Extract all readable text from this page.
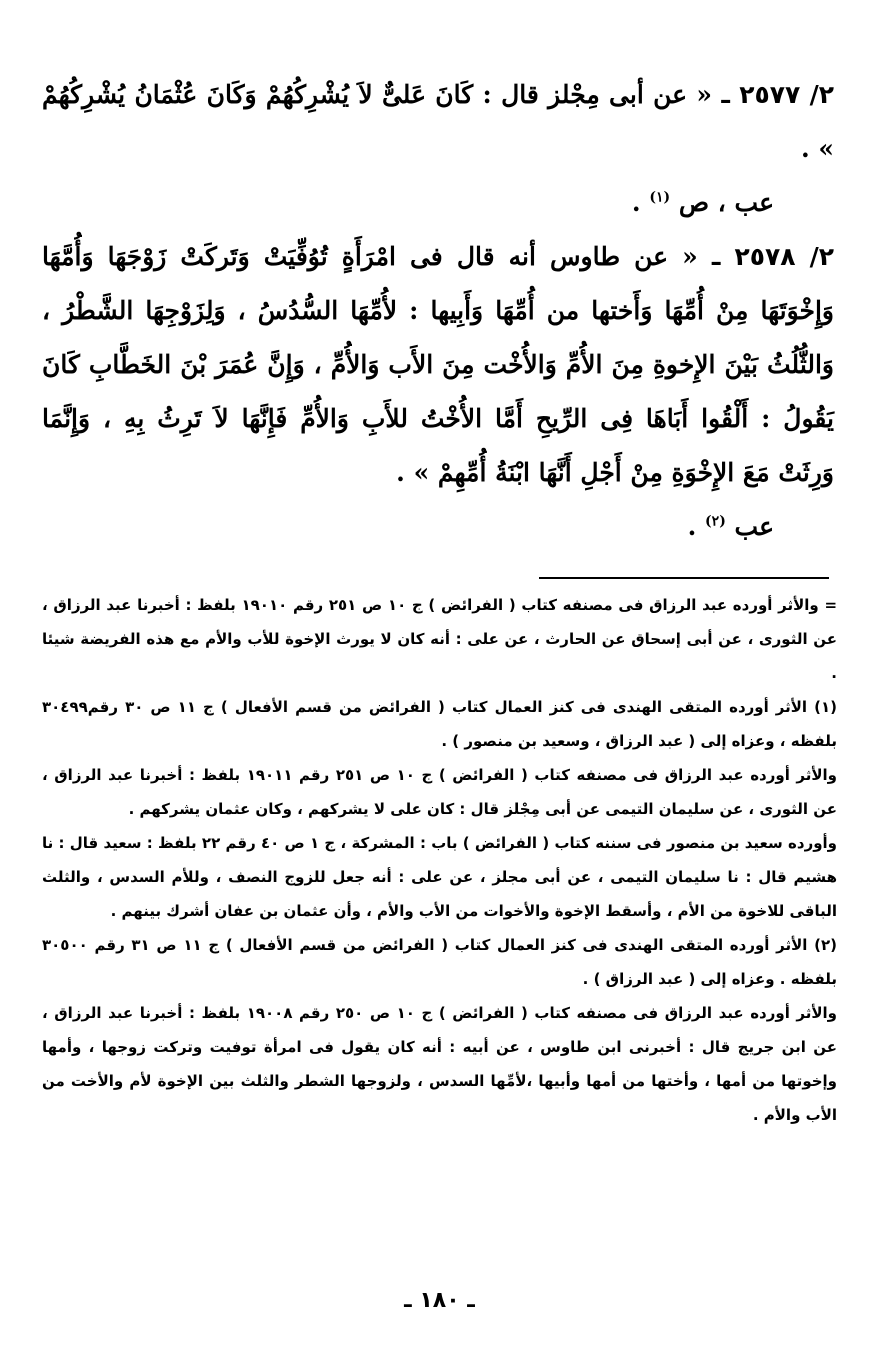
٢/ ٢٥٧٧ ـ « عن أبى مِجْلز قال : كَانَ عَلىٌّ لاَ يُشْرِكُهُمْ وَكَانَ عُثْمَانُ يُشْرِكُهُمْ » .

عب ، ص $^{(١)}$ .

٢/ ٢٥٧٨ ـ « عن طاوس أنه قال فى امْرَأَةٍ تُوُفِّيَتْ وَتَركَتْ زَوْجَهَا وَأُمَّهَا وَإِخْوَتَهَا مِنْ أُمِّهَا وَأَختها من أُمِّهَا وَأَبِيها : لأُمِّهَا السُّدُسُ ، وَلِزَوْجِهَا الشَّطْرُ ، وَالثُّلُثُ بَيْنَ الإِخوةِ مِنَ الأُمِّ وَالأُخْت مِنَ الأَب وَالأُمِّ ، وَإِنَّ عُمَرَ بْنَ الخَطَّابِ كَانَ يَقُولُ : أَلْقُوا أَبَاهَا فِى الرِّيحِ أَمَّا الأُخْتُ للأَبِ وَالأُمِّ فَإِنَّهَا لاَ تَرِثُ بِهِ ، وَإِنَّمَا وَرِثَتْ مَعَ الإِخْوَةِ مِنْ أَجْلِ أَنَّهَا ابْنَةُ أُمِّهِمْ » .

عب $^{(٢)}$ .

= والأثر أورده عبد الرزاق فى مصنفه كتاب ( الفرائض ) ج ١٠ ص ٢٥١ رقم ١٩٠١٠ بلفظ : أخبرنا عبد الرزاق ، عن الثورى ، عن أبى إسحاق عن الحارث ، عن على : أنه كان لا يورث الإخوة للأب والأم مع هذه الفريضة شيئا .

(١) الأثر أورده المتقى الهندى فى كنز العمال كتاب ( الفرائض من قسم الأفعال ) ج ١١ ص ٣٠ رقم٣٠٤٩٩ بلفظه ، وعزاه إلى ( عبد الرزاق ، وسعيد بن منصور ) .

والأثر أورده عبد الرزاق فى مصنفه كتاب ( الفرائض ) ج ١٠ ص ٢٥١ رقم ١٩٠١١ بلفظ : أخبرنا عبد الرزاق ، عن الثورى ، عن سليمان التيمى عن أبى مِجْلز قال : كان على لا يشركهم ، وكان عثمان يشركهم .

وأورده سعيد بن منصور فى سننه كتاب ( الفرائض ) باب : المشركة ، ج ١ ص ٤٠ رقم ٢٢ بلفظ : سعيد قال : نا هشيم قال : نا سليمان التيمى ، عن أبى مجلز ، عن على : أنه جعل للزوج النصف ، وللأم السدس ، والثلث الباقى للاخوة من الأم ، وأسقط الإخوة والأخوات من الأب والأم ، وأن عثمان بن عفان أشرك بينهم .

(٢) الأثر أورده المتقى الهندى فى كنز العمال كتاب ( الفرائض من قسم الأفعال ) ج ١١ ص ٣١ رقم ٣٠٥٠٠ بلفظه . وعزاه إلى ( عبد الرزاق ) .

والأثر أورده عبد الرزاق فى مصنفه كتاب ( الفرائض ) ج ١٠ ص ٢٥٠ رقم ١٩٠٠٨ بلفظ : أخبرنا عبد الرزاق ، عن ابن جريج قال : أخبرنى ابن طاوس ، عن أبيه : أنه كان يقول فى امرأة توفيت وتركت زوجها ، وأمها وإخوتها من أمها ، وأختها من أمها وأبيها ،لأمِّها السدس ، ولزوجها الشطر والثلث بين الإخوة لأم والأخت من الأب والأم .

ـ ١٨٠ ـ
